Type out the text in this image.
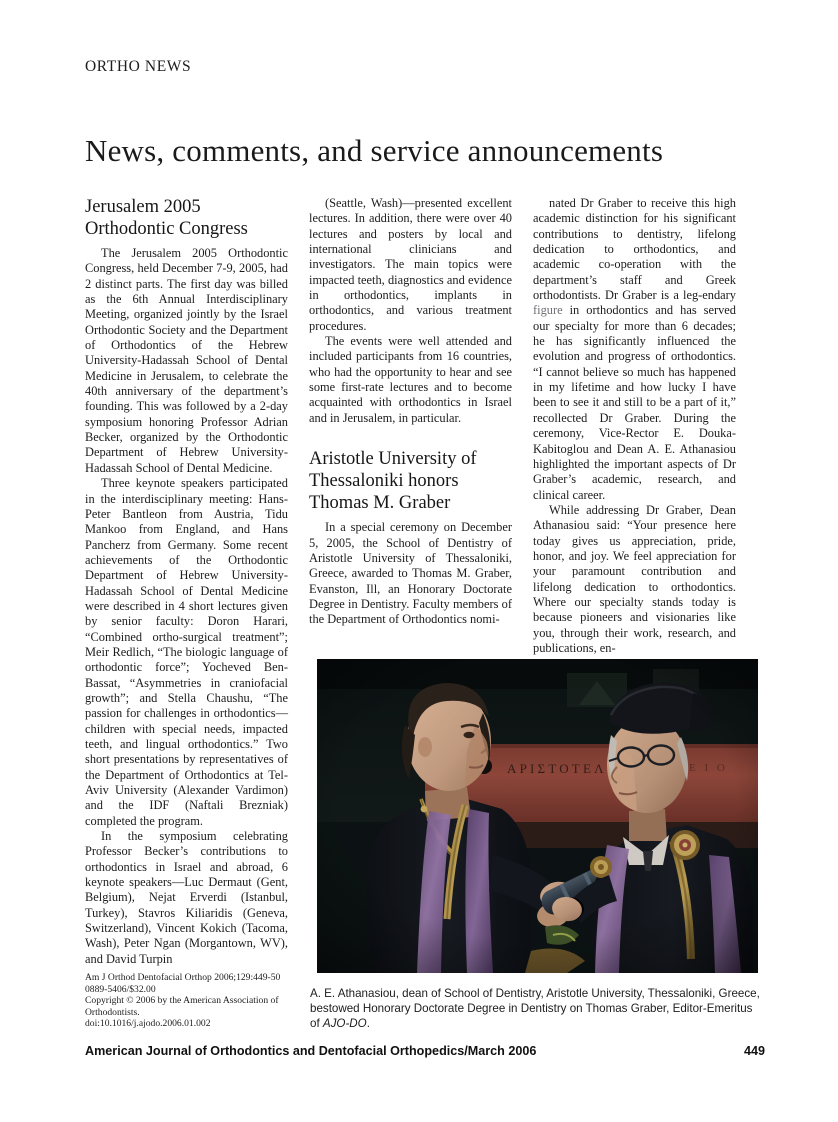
ORTHO NEWS
News, comments, and service announcements
Jerusalem 2005 Orthodontic Congress

The Jerusalem 2005 Orthodontic Congress, held December 7-9, 2005, had 2 distinct parts. The first day was billed as the 6th Annual Interdisciplinary Meeting, organized jointly by the Israel Orthodontic Society and the Department of Orthodontics of the Hebrew University-Hadassah School of Dental Medicine in Jerusalem, to celebrate the 40th anniversary of the department’s founding. This was followed by a 2-day symposium honoring Professor Adrian Becker, organized by the Orthodontic Department of Hebrew University-Hadassah School of Dental Medicine.

Three keynote speakers participated in the interdisciplinary meeting: Hans-Peter Bantleon from Austria, Tidu Mankoo from England, and Hans Pancherz from Germany. Some recent achievements of the Orthodontic Department of Hebrew University-Hadassah School of Dental Medicine were described in 4 short lectures given by senior faculty: Doron Harari, “Combined ortho-surgical treatment”; Meir Redlich, “The biologic language of orthodontic force”; Yocheved Ben-Bassat, “Asymmetries in craniofacial growth”; and Stella Chaushu, “The passion for challenges in orthodontics—children with special needs, impacted teeth, and lingual orthodontics.” Two short presentations by representatives of the Department of Orthodontics at Tel-Aviv University (Alexander Vardimon) and the IDF (Naftali Brezniak) completed the program.

In the symposium celebrating Professor Becker’s contributions to orthodontics in Israel and abroad, 6 keynote speakers—Luc Dermaut (Gent, Belgium), Nejat Erverdi (Istanbul, Turkey), Stavros Kiliaridis (Geneva, Switzerland), Vincent Kokich (Tacoma, Wash), Peter Ngan (Morgantown, WV), and David Turpin

(Seattle, Wash)—presented excellent lectures. In addition, there were over 40 lectures and posters by local and international clinicians and investigators. The main topics were impacted teeth, diagnostics and evidence in orthodontics, implants in orthodontics, and various treatment procedures.

The events were well attended and included participants from 16 countries, who had the opportunity to hear and see some first-rate lectures and to become acquainted with orthodontics in Israel and in Jerusalem, in particular.

Aristotle University of Thessaloniki honors Thomas M. Graber

In a special ceremony on December 5, 2005, the School of Dentistry of Aristotle University of Thessaloniki, Greece, awarded to Thomas M. Graber, Evanston, Ill, an Honorary Doctorate Degree in Dentistry. Faculty members of the Department of Orthodontics nomi-

nated Dr Graber to receive this high academic distinction for his significant contributions to dentistry, lifelong dedication to orthodontics, and academic co-operation with the department’s staff and Greek orthodontists. Dr Graber is a leg-endary figure in orthodontics and has served our specialty for more than 6 decades; he has significantly influenced the evolution and progress of orthodontics. “I cannot believe so much has happened in my lifetime and how lucky I have been to see it and still to be a part of it,” recollected Dr Graber. During the ceremony, Vice-Rector E. Douka-Kabitoglou and Dean A. E. Athanasiou highlighted the important aspects of Dr Graber’s academic, research, and clinical career.

While addressing Dr Graber, Dean Athanasiou said: “Your presence here today gives us appreciation, pride, honor, and joy. We feel appreciation for your paramount contribution and lifelong dedication to orthodontics. Where our specialty stands today is because pioneers and visionaries like you, through their work, research, and publications, en-

Am J Orthod Dentofacial Orthop 2006;129:449-50
0889-5406/$32.00
Copyright © 2006 by the American Association of Orthodontists.
doi:10.1016/j.ajodo.2006.01.002
A. E. Athanasiou, dean of School of Dentistry, Aristotle University, Thessaloniki, Greece, bestowed Honorary Doctorate Degree in Dentistry on Thomas Graber, Editor-Emeritus of AJO-DO.
American Journal of Orthodontics and Dentofacial Orthopedics/March 2006	449
